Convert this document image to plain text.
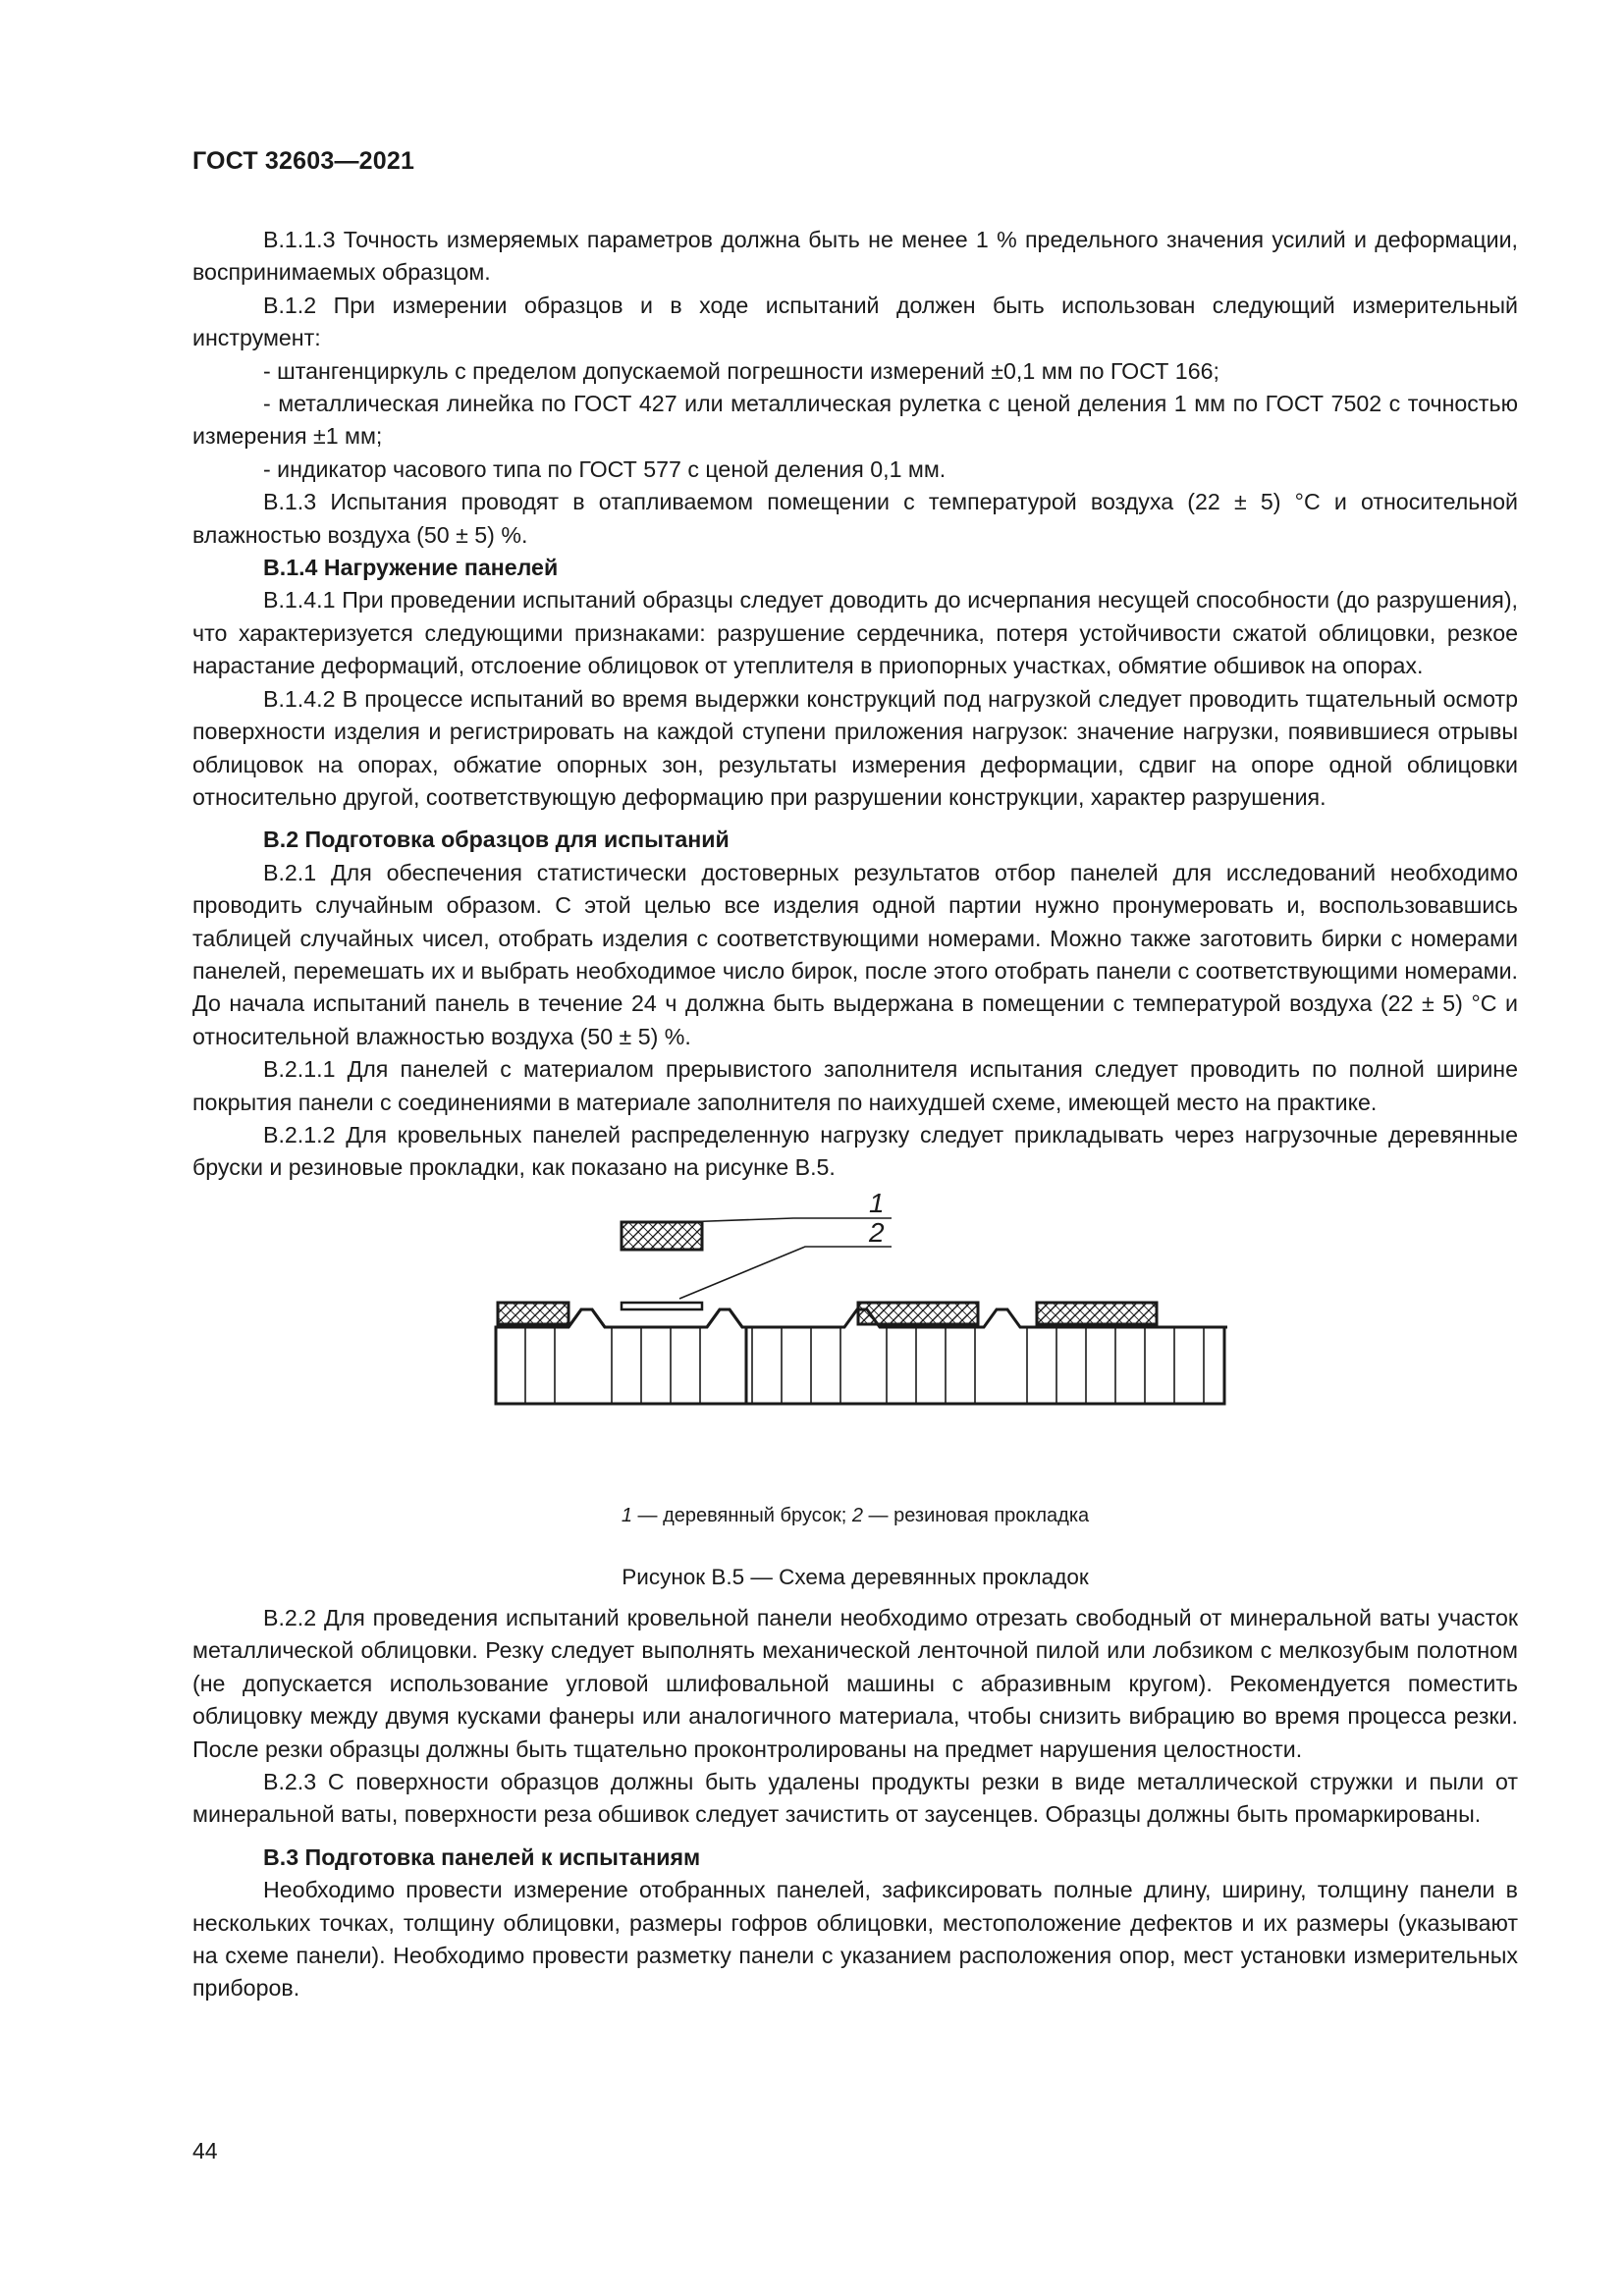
ГОСТ 32603—2021

В.1.1.3 Точность измеряемых параметров должна быть не менее 1 % предельного значения усилий и деформации, воспринимаемых образцом.

В.1.2 При измерении образцов и в ходе испытаний должен быть использован следующий измерительный инструмент:

- штангенциркуль с пределом допускаемой погрешности измерений ±0,1 мм по ГОСТ 166;

- металлическая линейка по ГОСТ 427 или металлическая рулетка с ценой деления 1 мм по ГОСТ 7502 с точностью измерения ±1 мм;

- индикатор часового типа по ГОСТ 577 с ценой деления 0,1 мм.

В.1.3 Испытания проводят в отапливаемом помещении с температурой воздуха (22 ± 5) °С и относительной влажностью воздуха (50 ± 5) %.

В.1.4 Нагружение панелей

В.1.4.1 При проведении испытаний образцы следует доводить до исчерпания несущей способности (до разрушения), что характеризуется следующими признаками: разрушение сердечника, потеря устойчивости сжатой облицовки, резкое нарастание деформаций, отслоение облицовок от утеплителя в приопорных участках, обмятие обшивок на опорах.

В.1.4.2 В процессе испытаний во время выдержки конструкций под нагрузкой следует проводить тщательный осмотр поверхности изделия и регистрировать на каждой ступени приложения нагрузок: значение нагрузки, появившиеся отрывы облицовок на опорах, обжатие опорных зон, результаты измерения деформации, сдвиг на опоре одной облицовки относительно другой, соответствующую деформацию при разрушении конструкции, характер разрушения.

В.2 Подготовка образцов для испытаний

В.2.1 Для обеспечения статистически достоверных результатов отбор панелей для исследований необходимо проводить случайным образом. С этой целью все изделия одной партии нужно пронумеровать и, воспользовавшись таблицей случайных чисел, отобрать изделия с соответствующими номерами. Можно также заготовить бирки с номерами панелей, перемешать их и выбрать необходимое число бирок, после этого отобрать панели с соответствующими номерами. До начала испытаний панель в течение 24 ч должна быть выдержана в помещении с температурой воздуха (22 ± 5) °С и относительной влажностью воздуха (50 ± 5) %.

В.2.1.1 Для панелей с материалом прерывистого заполнителя испытания следует проводить по полной ширине покрытия панели с соединениями в материале заполнителя по наихудшей схеме, имеющей место на практике.

В.2.1.2 Для кровельных панелей распределенную нагрузку следует прикладывать через нагрузочные деревянные бруски и резиновые прокладки, как показано на рисунке В.5.

1
2
1 — деревянный брусок; 2 — резиновая прокладка
Рисунок В.5 — Схема деревянных прокладок

В.2.2 Для проведения испытаний кровельной панели необходимо отрезать свободный от минеральной ваты участок металлической облицовки. Резку следует выполнять механической ленточной пилой или лобзиком с мелкозубым полотном (не допускается использование угловой шлифовальной машины с абразивным кругом). Рекомендуется поместить облицовку между двумя кусками фанеры или аналогичного материала, чтобы снизить вибрацию во время процесса резки. После резки образцы должны быть тщательно проконтролированы на предмет нарушения целостности.

В.2.3 С поверхности образцов должны быть удалены продукты резки в виде металлической стружки и пыли от минеральной ваты, поверхности реза обшивок следует зачистить от заусенцев. Образцы должны быть промаркированы.

В.3 Подготовка панелей к испытаниям

Необходимо провести измерение отобранных панелей, зафиксировать полные длину, ширину, толщину панели в нескольких точках, толщину облицовки, размеры гофров облицовки, местоположение дефектов и их размеры (указывают на схеме панели). Необходимо провести разметку панели с указанием расположения опор, мест установки измерительных приборов.

44
